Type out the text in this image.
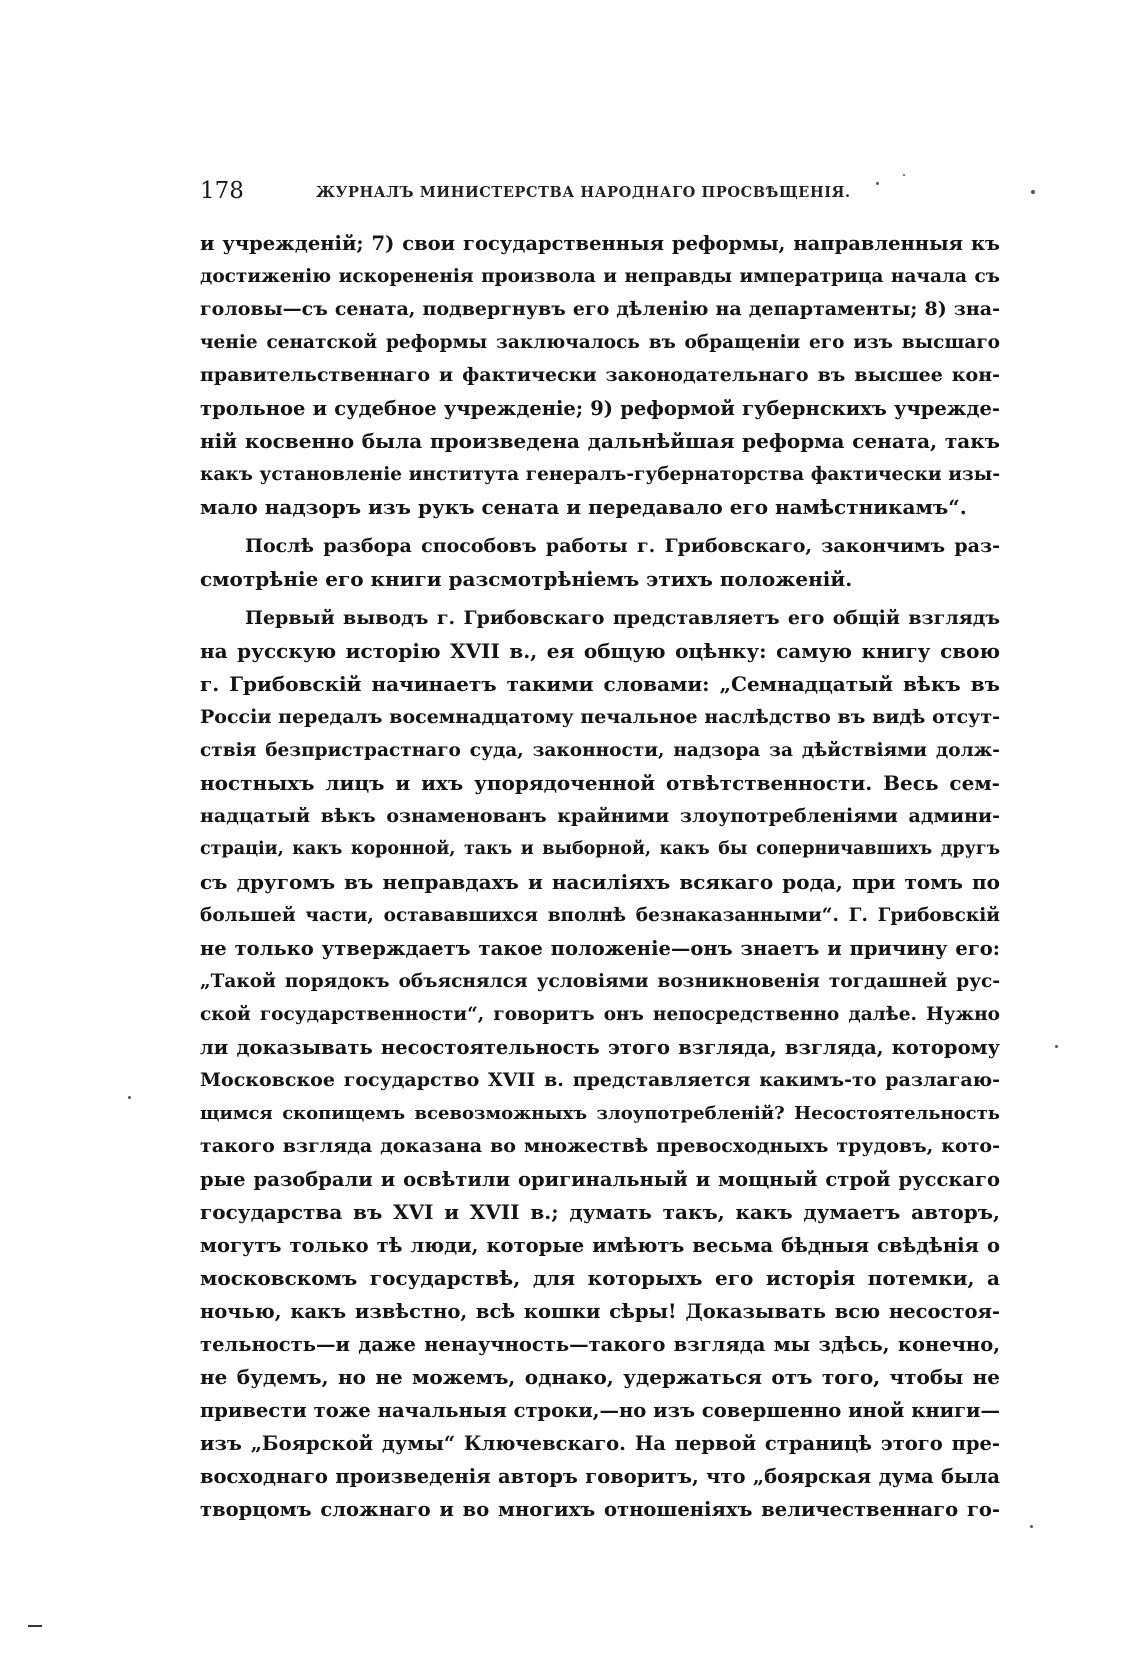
178	ЖУРНАЛЪ МИНИСТЕРСТВА НАРОДНАГО ПРОСВѢЩЕНІЯ.
и учрежденій; 7) свои государственныя реформы, направленныя къ
достиженію искорененія произвола и неправды императрица начала съ
головы—съ сената, подвергнувъ его дѣленію на департаменты; 8) зна-
ченіе сенатской реформы заключалось въ обращеніи его изъ высшаго
правительственнаго и фактически законодательнаго въ высшее кон-
трольное и судебное учрежденіе; 9) реформой губернскихъ учрежде-
ній косвенно была произведена дальнѣйшая реформа сената, такъ
какъ установленіе института генералъ-губернаторства фактически изы-
мало надзоръ изъ рукъ сената и передавало его намѣстникамъ“.
Послѣ разбора способовъ работы г. Грибовскаго, закончимъ раз-
смотрѣніе его книги разсмотрѣніемъ этихъ положеній.
Первый выводъ г. Грибовскаго представляетъ его общій взглядъ
на русскую исторію XVII в., ея общую оцѣнку: самую книгу свою
г. Грибовскій начинаетъ такими словами: „Семнадцатый вѣкъ въ
Россіи передалъ восемнадцатому печальное наслѣдство въ видѣ отсут-
ствія безпристрастнаго суда, законности, надзора за дѣйствіями долж-
ностныхъ лицъ и ихъ упорядоченной отвѣтственности. Весь сем-
надцатый вѣкъ ознаменованъ крайними злоупотребленіями админи-
страціи, какъ коронной, такъ и выборной, какъ бы соперничавшихъ другъ
съ другомъ въ неправдахъ и насиліяхъ всякаго рода, при томъ по
большей части, остававшихся вполнѣ безнаказанными“. Г. Грибовскій
не только утверждаетъ такое положеніе—онъ знаетъ и причину его:
„Такой порядокъ объяснялся условіями возникновенія тогдашней рус-
ской государственности“, говоритъ онъ непосредственно далѣе. Нужно
ли доказывать несостоятельность этого взгляда, взгляда, которому
Московское государство XVII в. представляется какимъ-то разлагаю-
щимся скопищемъ всевозможныхъ злоупотребленій? Несостоятельность
такого взгляда доказана во множествѣ превосходныхъ трудовъ, кото-
рые разобрали и освѣтили оригинальный и мощный строй русскаго
государства въ XVI и XVII в.; думать такъ, какъ думаетъ авторъ,
могутъ только тѣ люди, которые имѣютъ весьма бѣдныя свѣдѣнія о
московскомъ государствѣ, для которыхъ его исторія потемки, а
ночью, какъ извѣстно, всѣ кошки сѣры! Доказывать всю несостоя-
тельность—и даже ненаучность—такого взгляда мы здѣсь, конечно,
не будемъ, но не можемъ, однако, удержаться отъ того, чтобы не
привести тоже начальныя строки,—но изъ совершенно иной книги—
изъ „Боярской думы“ Ключевскаго. На первой страницѣ этого пре-
восходнаго произведенія авторъ говоритъ, что „боярская дума была
творцомъ сложнаго и во многихъ отношеніяхъ величественнаго го-
